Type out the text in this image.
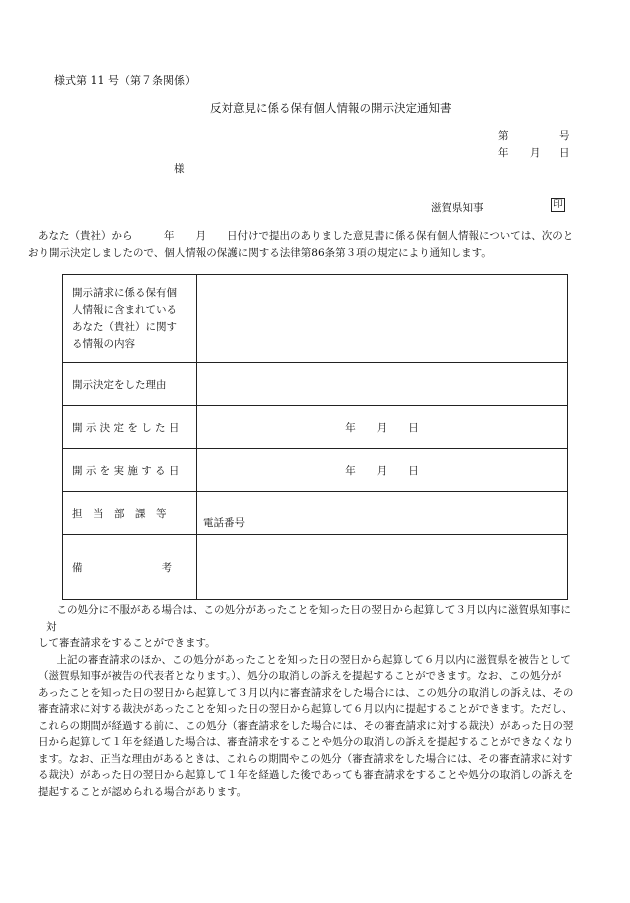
様式第 11 号（第７条関係）
反対意見に係る保有個人情報の開示決定通知書
第	号
年 月 日
様
滋賀県知事	印
あなた（貴社）から　　　年　　月　　日付けで提出のありました意見書に係る保有個人情報については、次のと
おり開示決定しましたので、個人情報の保護に関する法律第86条第３項の規定により通知します。
開示請求に係る保有個
人情報に含まれている
あなた（貴社）に関す
る情報の内容	

開示決定をした理由	
開 示 決 定 を し た 日	年　　月　　日
開 示 を 実 施 す る 日	年　　月　　日
担　当　部　課　等	電話番号

備 考	

　この処分に不服がある場合は、この処分があったことを知った日の翌日から起算して３月以内に滋賀県知事に対

して審査請求をすることができます。

　上記の審査請求のほか、この処分があったことを知った日の翌日から起算して６月以内に滋賀県を被告として

（滋賀県知事が被告の代表者となります。）、処分の取消しの訴えを提起することができます。なお、この処分が

あったことを知った日の翌日から起算して３月以内に審査請求をした場合には、この処分の取消しの訴えは、その

審査請求に対する裁決があったことを知った日の翌日から起算して６月以内に提起することができます。ただし、

これらの期間が経過する前に、この処分（審査請求をした場合には、その審査請求に対する裁決）があった日の翌

日から起算して１年を経過した場合は、審査請求をすることや処分の取消しの訴えを提起することができなくなり

ます。なお、正当な理由があるときは、これらの期間やこの処分（審査請求をした場合には、その審査請求に対す

る裁決）があった日の翌日から起算して１年を経過した後であっても審査請求をすることや処分の取消しの訴えを

提起することが認められる場合があります。
